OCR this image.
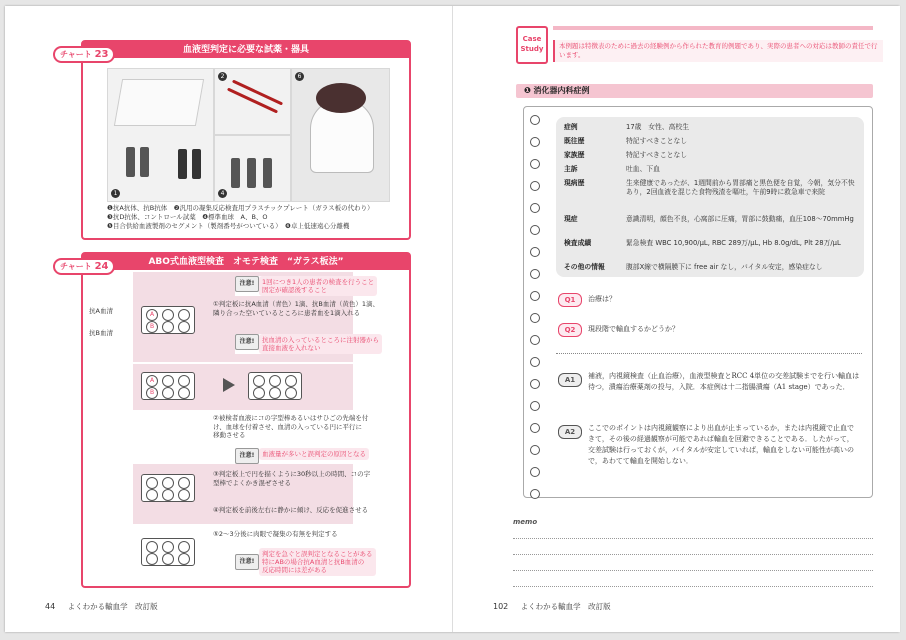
チャート 23	血液型判定に必要な試薬・器具
1
2
4
6
❶抗A抗体、抗B抗体　❷汎用の凝集反応検査用プラスチックプレート（ガラス板の代わり）
❸抗D抗体、コントロール試薬　❹標準血球　A、B、O
❺目合供給血液製剤のセグメント（製剤番号がついている）　❻卓上低速遠心分離機
チャート 24	ABO式血液型検査　オモテ検査　“ガラス板法”
抗A血清
抗B血清
A
B
A
B
注意!	1回につき1人の患者の検査を行うこと
固定が確認後すること
①判定板に抗A血清（青色）1滴、抗B血清（黄色）1滴、
隣り合った空いているところに患者血を1滴入れる
注意!	抗血清の入っているところに注射器から
直接血液を入れない
②被検者血液にコの字型棒あるいはサひごの先端を付
け、血球を付着させ、血清の入っている円に平行に
移動させる
注意!	血液量が多いと誤判定の原因となる
③判定板上で円を描くように30秒以上の時間、コの字
型棒でよくかき混ぜさせる
④判定板を前後左右に静かに傾け、反応を促進させる
⑤2～3分後に肉眼で凝集の有無を判定する
注意!
判定を急ぐと誤判定となることがある
特にABの場合抗A血清と抗B血清の
反応時間には差がある
44 よくわかる輸血学　改訂版
Case
Study	本例題は特徴表のために過去の経験例から作られた教育的例題であり、実際の患者への対応は教師の責任で行います。
❶ 消化器内科症例
症例	17歳　女性、高校生
既往歴	特記すべきことなし
家族歴	特記すべきことなし
主訴	吐血、下血
現病歴	生来健康であったが、1週間前から胃部痛と黒色便を自覚，今朝，気分不快あり，2回血液を混じた食物残渣を嘔吐，午前9時に救急車で来院
現症	意識清明，顔色不良，心窩部に圧痛，胃部に鼓動痛，血圧108～70mmHg
検査成績	緊急検査 WBC 10,900/μL, RBC 289万/μL, Hb 8.0g/dL, Plt 28万/μL
その他の情報	腹部X線で横隔膜下に free air なし，バイタル安定，感染症なし
Q1	治療は？
Q2	現段階で輸血するかどうか？
A1	補液，内視鏡検査（止血治療），血液型検査とRCC 4単位の交差試験までを行い輸血は待つ，潰瘍治療薬剤の投与，入院．本症例は十二指腸潰瘍（A1 stage）であった．
A2	ここでのポイントは内視鏡観察により出血が止まっているか，または内視鏡で止血できて，その後の経過観察が可能であれば輸血を回避できることである．したがって，交差試験は行っておくが，バイタルが安定していれば，輸血をしない可能性が高いので，あわてて輸血を開始しない．
memo
102 よくわかる輸血学　改訂版
